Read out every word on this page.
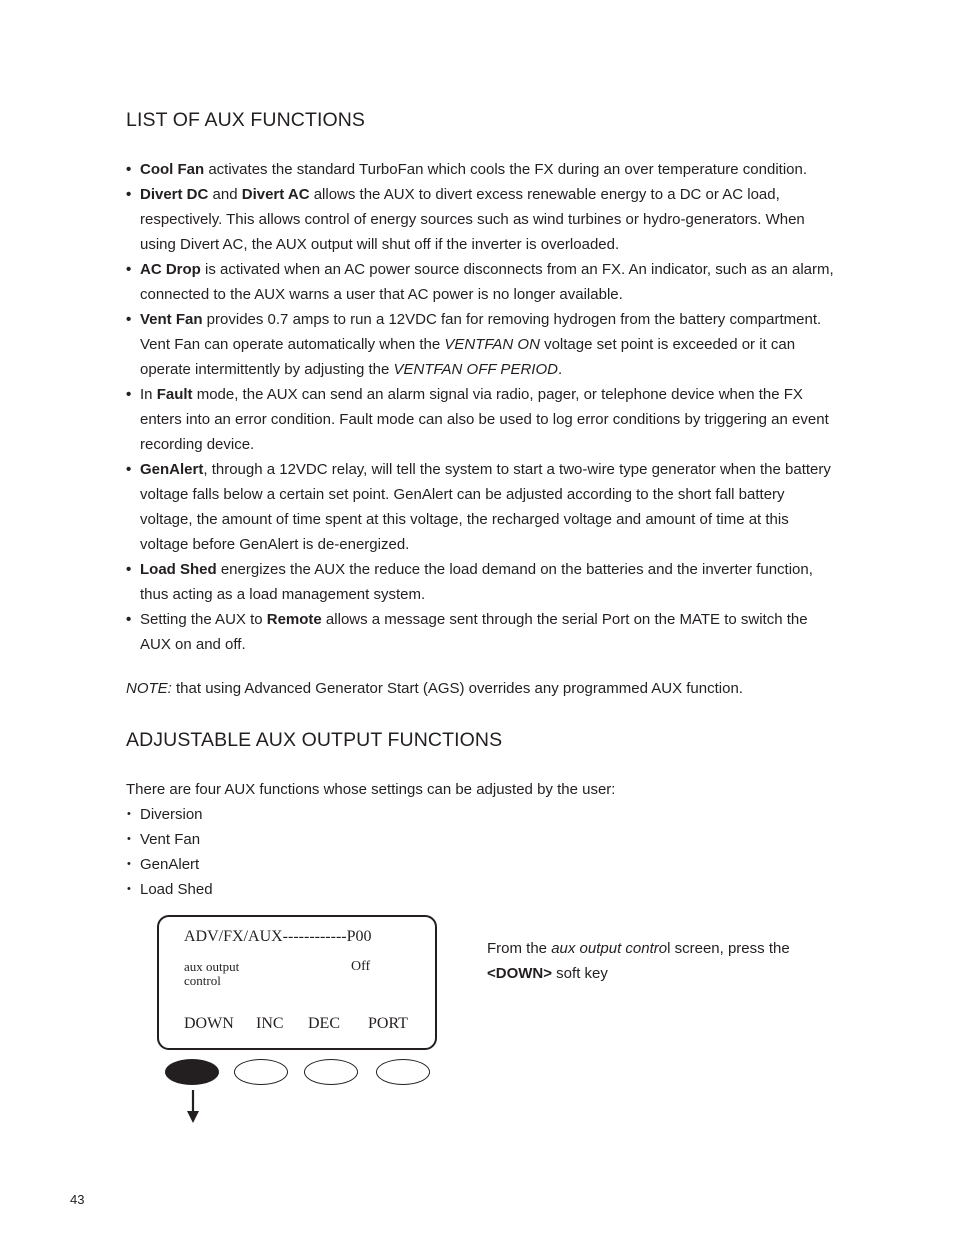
LIST OF AUX FUNCTIONS
• Cool Fan activates the standard TurboFan which cools the FX during an over temperature condition.
• Divert DC and Divert AC allows the AUX to divert excess renewable energy to a DC or AC load, respectively. This allows control of energy sources such as wind turbines or hydro-generators. When using Divert AC, the AUX output will shut off if the inverter is overloaded.
• AC Drop is activated when an AC power source disconnects from an FX. An indicator, such as an alarm, connected to the AUX warns a user that AC power is no longer available.
• Vent Fan provides 0.7 amps to run a 12VDC fan for removing hydrogen from the battery compartment. Vent Fan can operate automatically when the VENTFAN ON voltage set point is exceeded or it can operate intermittently by adjusting the VENTFAN OFF PERIOD.
• In Fault mode, the AUX can send an alarm signal via radio, pager, or telephone device when the FX enters into an error condition. Fault mode can also be used to log error conditions by triggering an event recording device.
• GenAlert, through a 12VDC relay, will tell the system to start a two-wire type generator when the battery voltage falls below a certain set point. GenAlert can be adjusted according to the short fall battery voltage, the amount of time spent at this voltage, the recharged voltage and amount of time at this voltage before GenAlert is de-energized.
• Load Shed energizes the AUX the reduce the load demand on the batteries and the inverter function, thus acting as a load management system.
• Setting the AUX to Remote allows a message sent through the serial Port on the MATE to switch the AUX on and off.
NOTE: that using Advanced Generator Start (AGS) overrides any programmed AUX function.
ADJUSTABLE AUX OUTPUT FUNCTIONS
There are four AUX functions whose settings can be adjusted by the user:
• Diversion
• Vent Fan
• GenAlert
• Load Shed
ADV/FX/AUX------------P00
aux output
control
Off
DOWN INC DEC PORT
From the aux output control screen, press the <DOWN> soft key
43
